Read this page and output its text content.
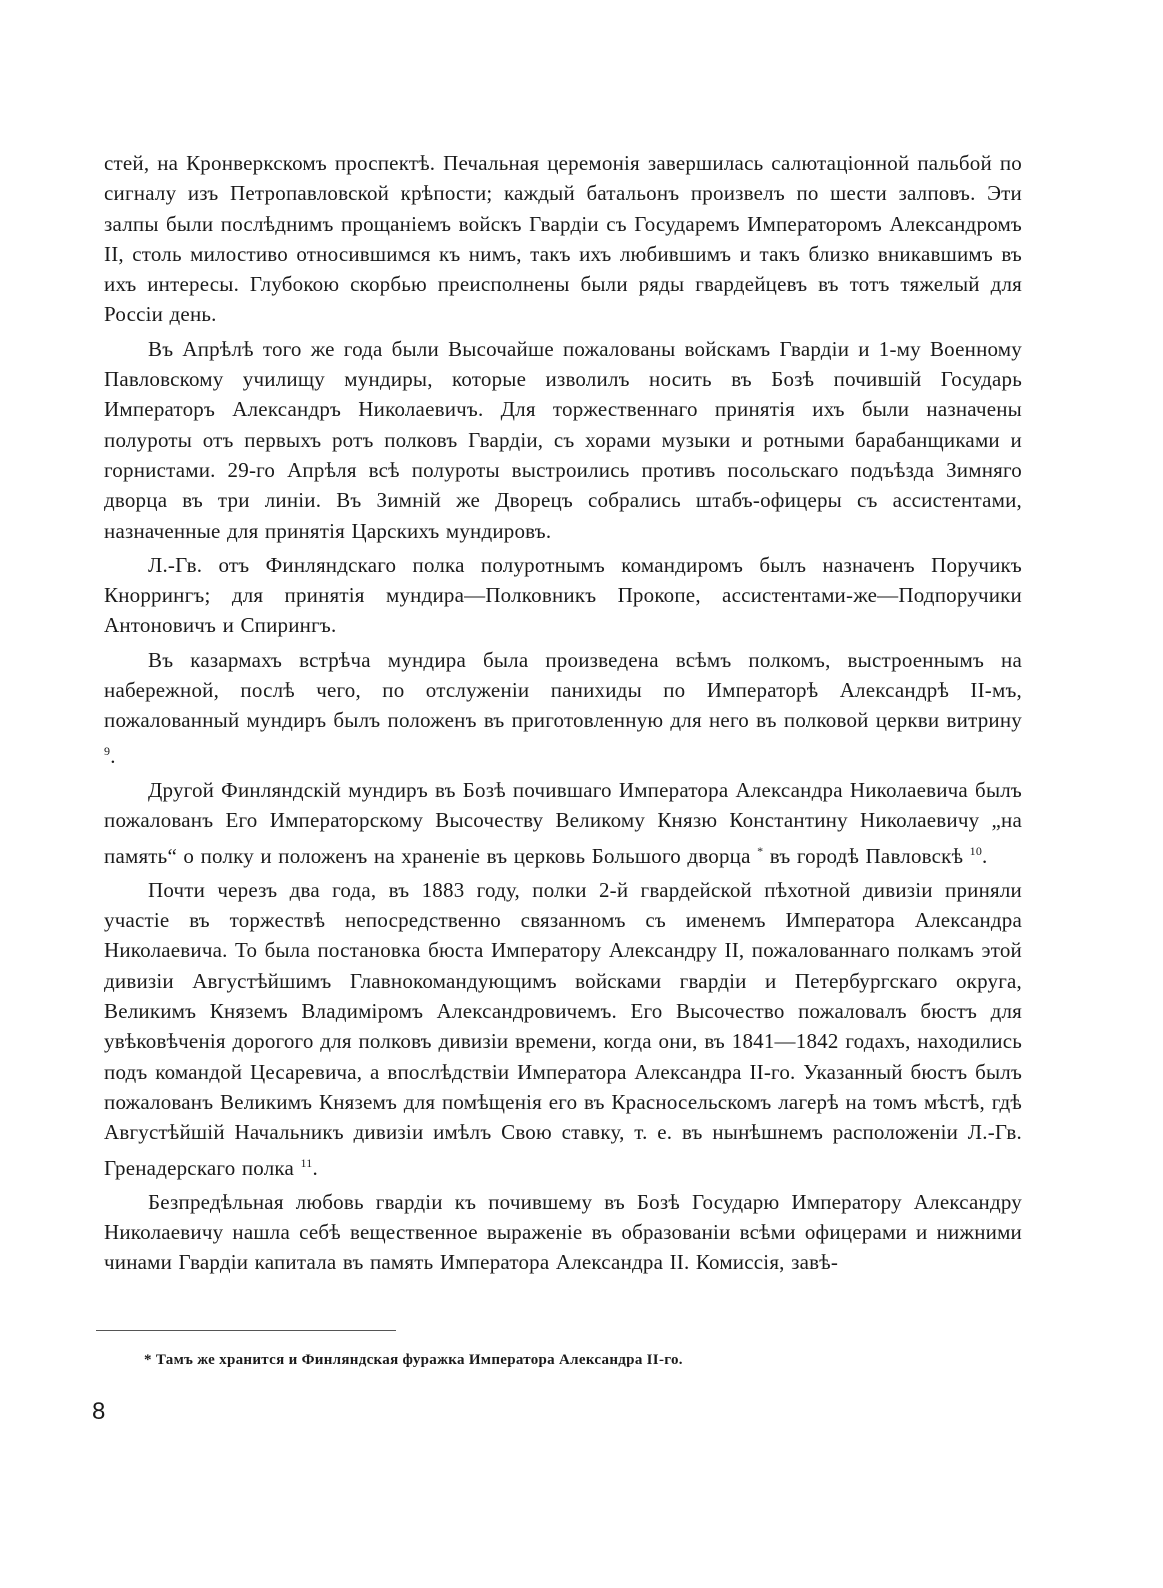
стей, на Кронверкскомъ проспектѣ. Печальная церемонія завершилась салютаціонной пальбой по сигналу изъ Петропавловской крѣпости; каждый батальонъ произвелъ по шести залповъ. Эти залпы были послѣднимъ прощаніемъ войскъ Гвардіи съ Государемъ Императоромъ Александромъ II, столь милостиво относившимся къ нимъ, такъ ихъ любившимъ и такъ близко вникавшимъ въ ихъ интересы. Глубокою скорбью преисполнены были ряды гвардейцевъ въ тотъ тяжелый для Россіи день.

Въ Апрѣлѣ того же года были Высочайше пожалованы войскамъ Гвардіи и 1-му Военному Павловскому училищу мундиры, которые изволилъ носить въ Бозѣ почившій Государь Императоръ Александръ Николаевичъ. Для торжественнаго принятія ихъ были назначены полуроты отъ первыхъ ротъ полковъ Гвардіи, съ хорами музыки и ротными барабанщиками и горнистами. 29-го Апрѣля всѣ полуроты выстроились противъ посольскаго подъѣзда Зимняго дворца въ три линіи. Въ Зимній же Дворецъ собрались штабъ-офицеры съ ассистентами, назначенные для принятія Царскихъ мундировъ.

Л.-Гв. отъ Финляндскаго полка полуротнымъ командиромъ былъ назначенъ Поручикъ Кноррингъ; для принятія мундира—Полковникъ Прокопе, ассистентами-же—Подпоручики Антоновичъ и Спирингъ.

Въ казармахъ встрѣча мундира была произведена всѣмъ полкомъ, выстроеннымъ на набережной, послѣ чего, по отслуженіи панихиды по Императорѣ Александрѣ II-мъ, пожалованный мундиръ былъ положенъ въ приготовленную для него въ полковой церкви витрину $^9$.

Другой Финляндскій мундиръ въ Бозѣ почившаго Императора Александра Николаевича былъ пожалованъ Его Императорскому Высочеству Великому Князю Константину Николаевичу „на память“ о полку и положенъ на храненіе въ церковь Большого дворца * въ городѣ Павловскѣ $^{10}$.

Почти черезъ два года, въ 1883 году, полки 2-й гвардейской пѣхотной дивизіи приняли участіе въ торжествѣ непосредственно связанномъ съ именемъ Императора Александра Николаевича. То была постановка бюста Императору Александру II, пожалованнаго полкамъ этой дивизіи Августѣйшимъ Главнокомандующимъ войсками гвардіи и Петербургскаго округа, Великимъ Княземъ Владиміромъ Александровичемъ. Его Высочество пожаловалъ бюстъ для увѣковѣченія дорогого для полковъ дивизіи времени, когда они, въ 1841—1842 годахъ, находились подъ командой Цесаревича, а впослѣдствіи Императора Александра II-го. Указанный бюстъ былъ пожалованъ Великимъ Княземъ для помѣщенія его въ Красносельскомъ лагерѣ на томъ мѣстѣ, гдѣ Августѣйшій Начальникъ дивизіи имѣлъ Свою ставку, т. е. въ нынѣшнемъ расположеніи Л.-Гв. Гренадерскаго полка $^{11}$.

Безпредѣльная любовь гвардіи къ почившему въ Бозѣ Государю Императору Александру Николаевичу нашла себѣ вещественное выраженіе въ образованіи всѣми офицерами и нижними чинами Гвардіи капитала въ память Императора Александра II. Комиссія, завѣ-

* Тамъ же хранится и Финляндская фуражка Императора Александра II-го.
8
